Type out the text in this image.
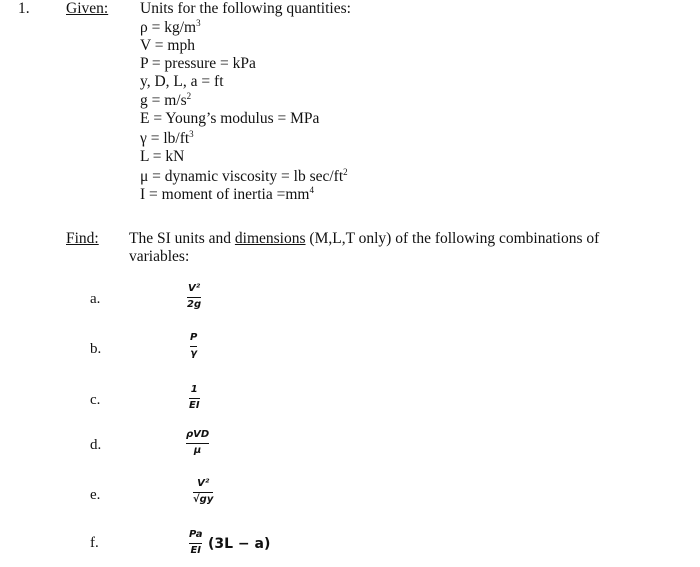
1. Given: Units for the following quantities:
$\rho = kg/m^3$
V = mph
P = pressure = kPa
y, D, L, a = ft
$g = m/s^2$
E = Young’s modulus = MPa
$\gamma = lb/ft^3$
L = kN
μ = dynamic viscosity = lb $\sec/ft^2$
I = moment of inertia $=mm^4$
Find: The SI units and dimensions (M,L,T only) of the following combinations of
variables:
a.
b.
c.
d.
e.
f.
V²
2g
P
γ
1
EI
ρVD
μ
V²
√gy
Pa
EI (3L − a)
